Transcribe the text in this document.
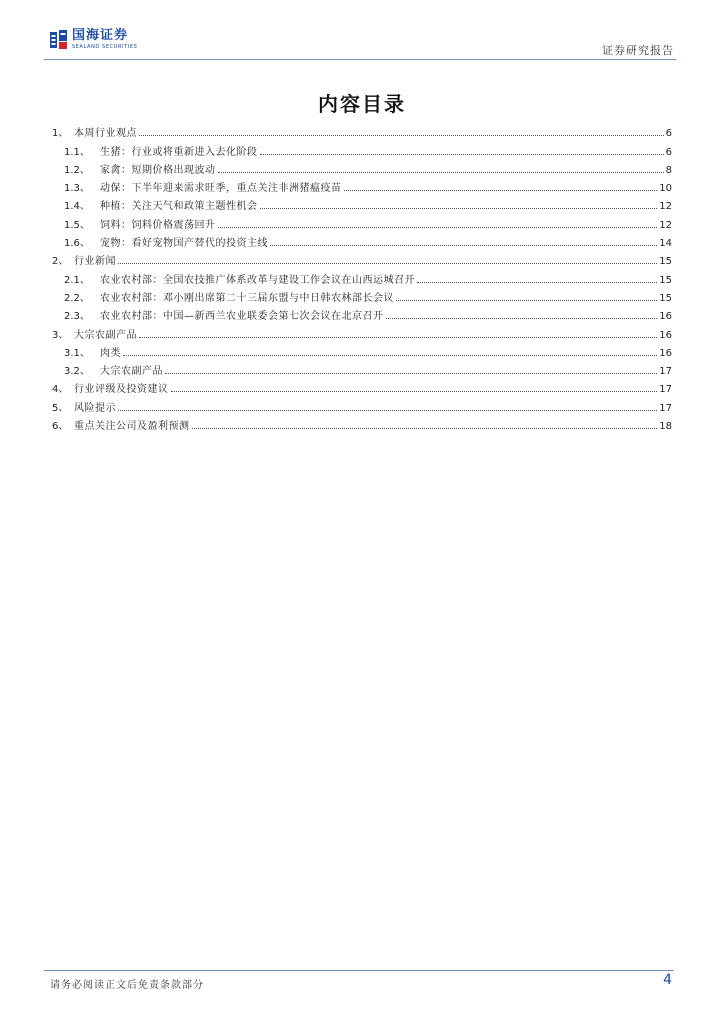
国海证券
SEALAND SECURITIES	证券研究报告
内容目录
1、 本周行业观点	6
1.1、	生猪：行业或将重新进入去化阶段	6
1.2、	家禽：短期价格出现波动	8
1.3、	动保：下半年迎来需求旺季，重点关注非洲猪瘟疫苗	10
1.4、	种植：关注天气和政策主题性机会	12
1.5、	饲料：饲料价格震荡回升	12
1.6、	宠物：看好宠物国产替代的投资主线	14
2、 行业新闻	15
2.1、	农业农村部：全国农技推广体系改革与建设工作会议在山西运城召开	15
2.2、	农业农村部：邓小刚出席第二十三届东盟与中日韩农林部长会议	15
2.3、	农业农村部：中国—新西兰农业联委会第七次会议在北京召开	16
3、 大宗农副产品	16
3.1、	肉类	16
3.2、	大宗农副产品	17
4、 行业评级及投资建议	17
5、 风险提示	17
6、 重点关注公司及盈利预测	18
请务必阅读正文后免责条款部分	4
